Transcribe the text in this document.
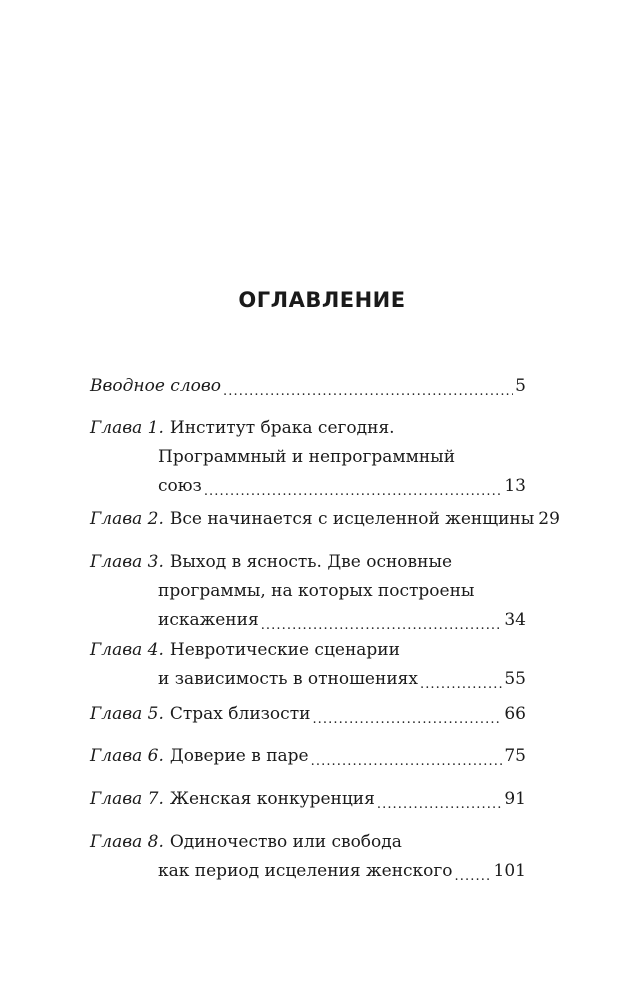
ОГЛАВЛЕНИЕ
Вводное слово .....	5
Глава 1. Институт брака сегодня.
Программный и непрограммный
союз .....	13
Глава 2. Все начинается с исцеленной женщины 29
Глава 3. Выход в ясность. Две основные
программы, на которых построены
искажения .....	34
Глава 4. Невротические сценарии
и зависимость в отношениях .....	55
Глава 5. Страх близости .....	66
Глава 6. Доверие в паре .....	75
Глава 7. Женская конкуренция .....	91
Глава 8. Одиночество или свобода
как период исцеления женского ..... 101
